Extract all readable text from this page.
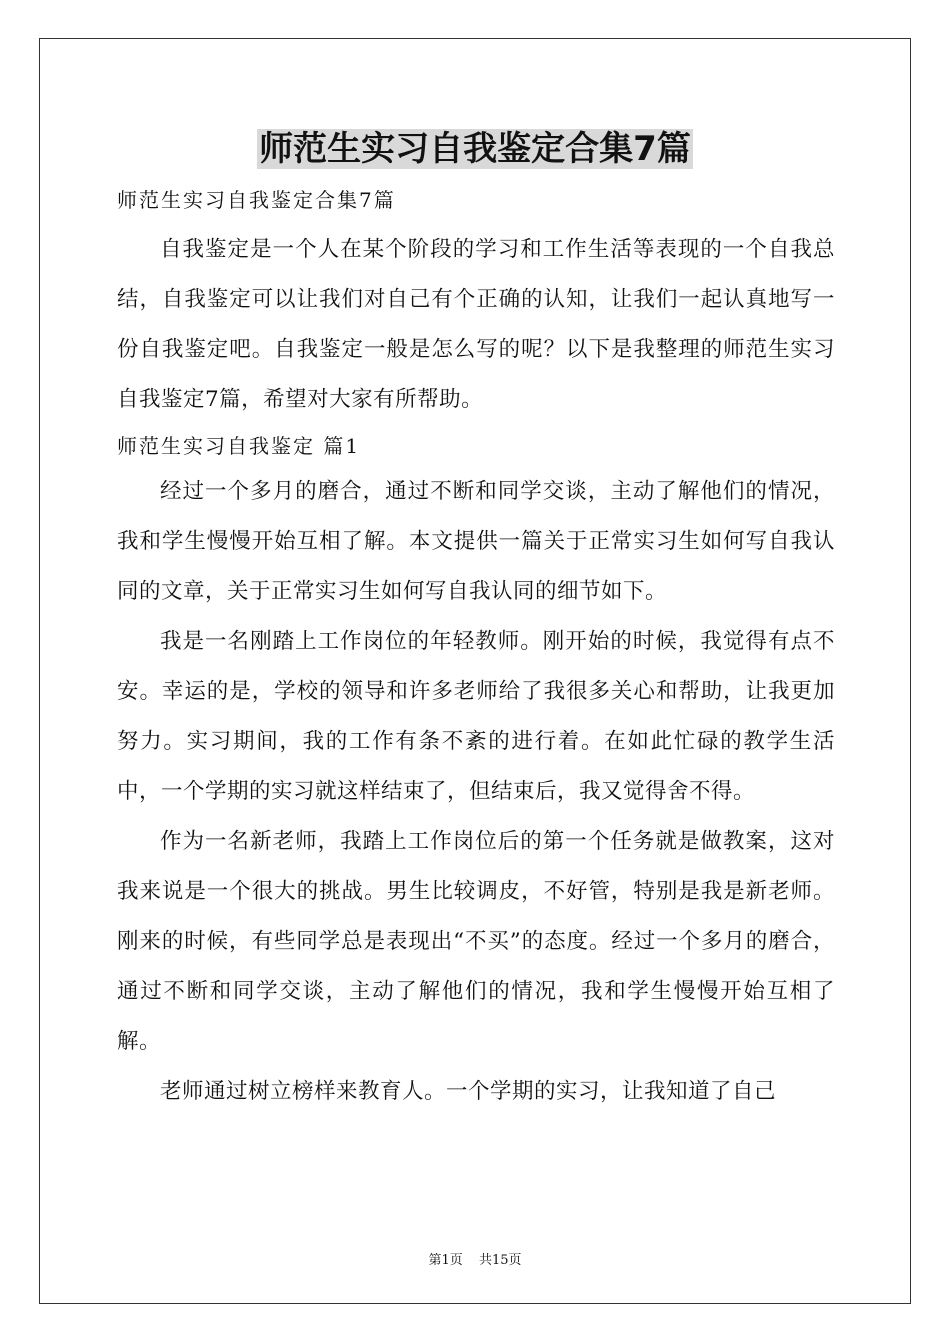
师范生实习自我鉴定合集7篇

师范生实习自我鉴定合集7篇

自我鉴定是一个人在某个阶段的学习和工作生活等表现的一个自我总结，自我鉴定可以让我们对自己有个正确的认知，让我们一起认真地写一份自我鉴定吧。自我鉴定一般是怎么写的呢？以下是我整理的师范生实习自我鉴定7篇，希望对大家有所帮助。

师范生实习自我鉴定 篇1

经过一个多月的磨合，通过不断和同学交谈，主动了解他们的情况，我和学生慢慢开始互相了解。本文提供一篇关于正常实习生如何写自我认同的文章，关于正常实习生如何写自我认同的细节如下。

我是一名刚踏上工作岗位的年轻教师。刚开始的时候，我觉得有点不安。幸运的是，学校的领导和许多老师给了我很多关心和帮助，让我更加努力。实习期间，我的工作有条不紊的进行着。在如此忙碌的教学生活中，一个学期的实习就这样结束了，但结束后，我又觉得舍不得。

作为一名新老师，我踏上工作岗位后的第一个任务就是做教案，这对我来说是一个很大的挑战。男生比较调皮，不好管，特别是我是新老师。刚来的时候，有些同学总是表现出“不买”的态度。经过一个多月的磨合，通过不断和同学交谈，主动了解他们的情况，我和学生慢慢开始互相了解。

老师通过树立榜样来教育人。一个学期的实习，让我知道了自己

第1页 共15页
